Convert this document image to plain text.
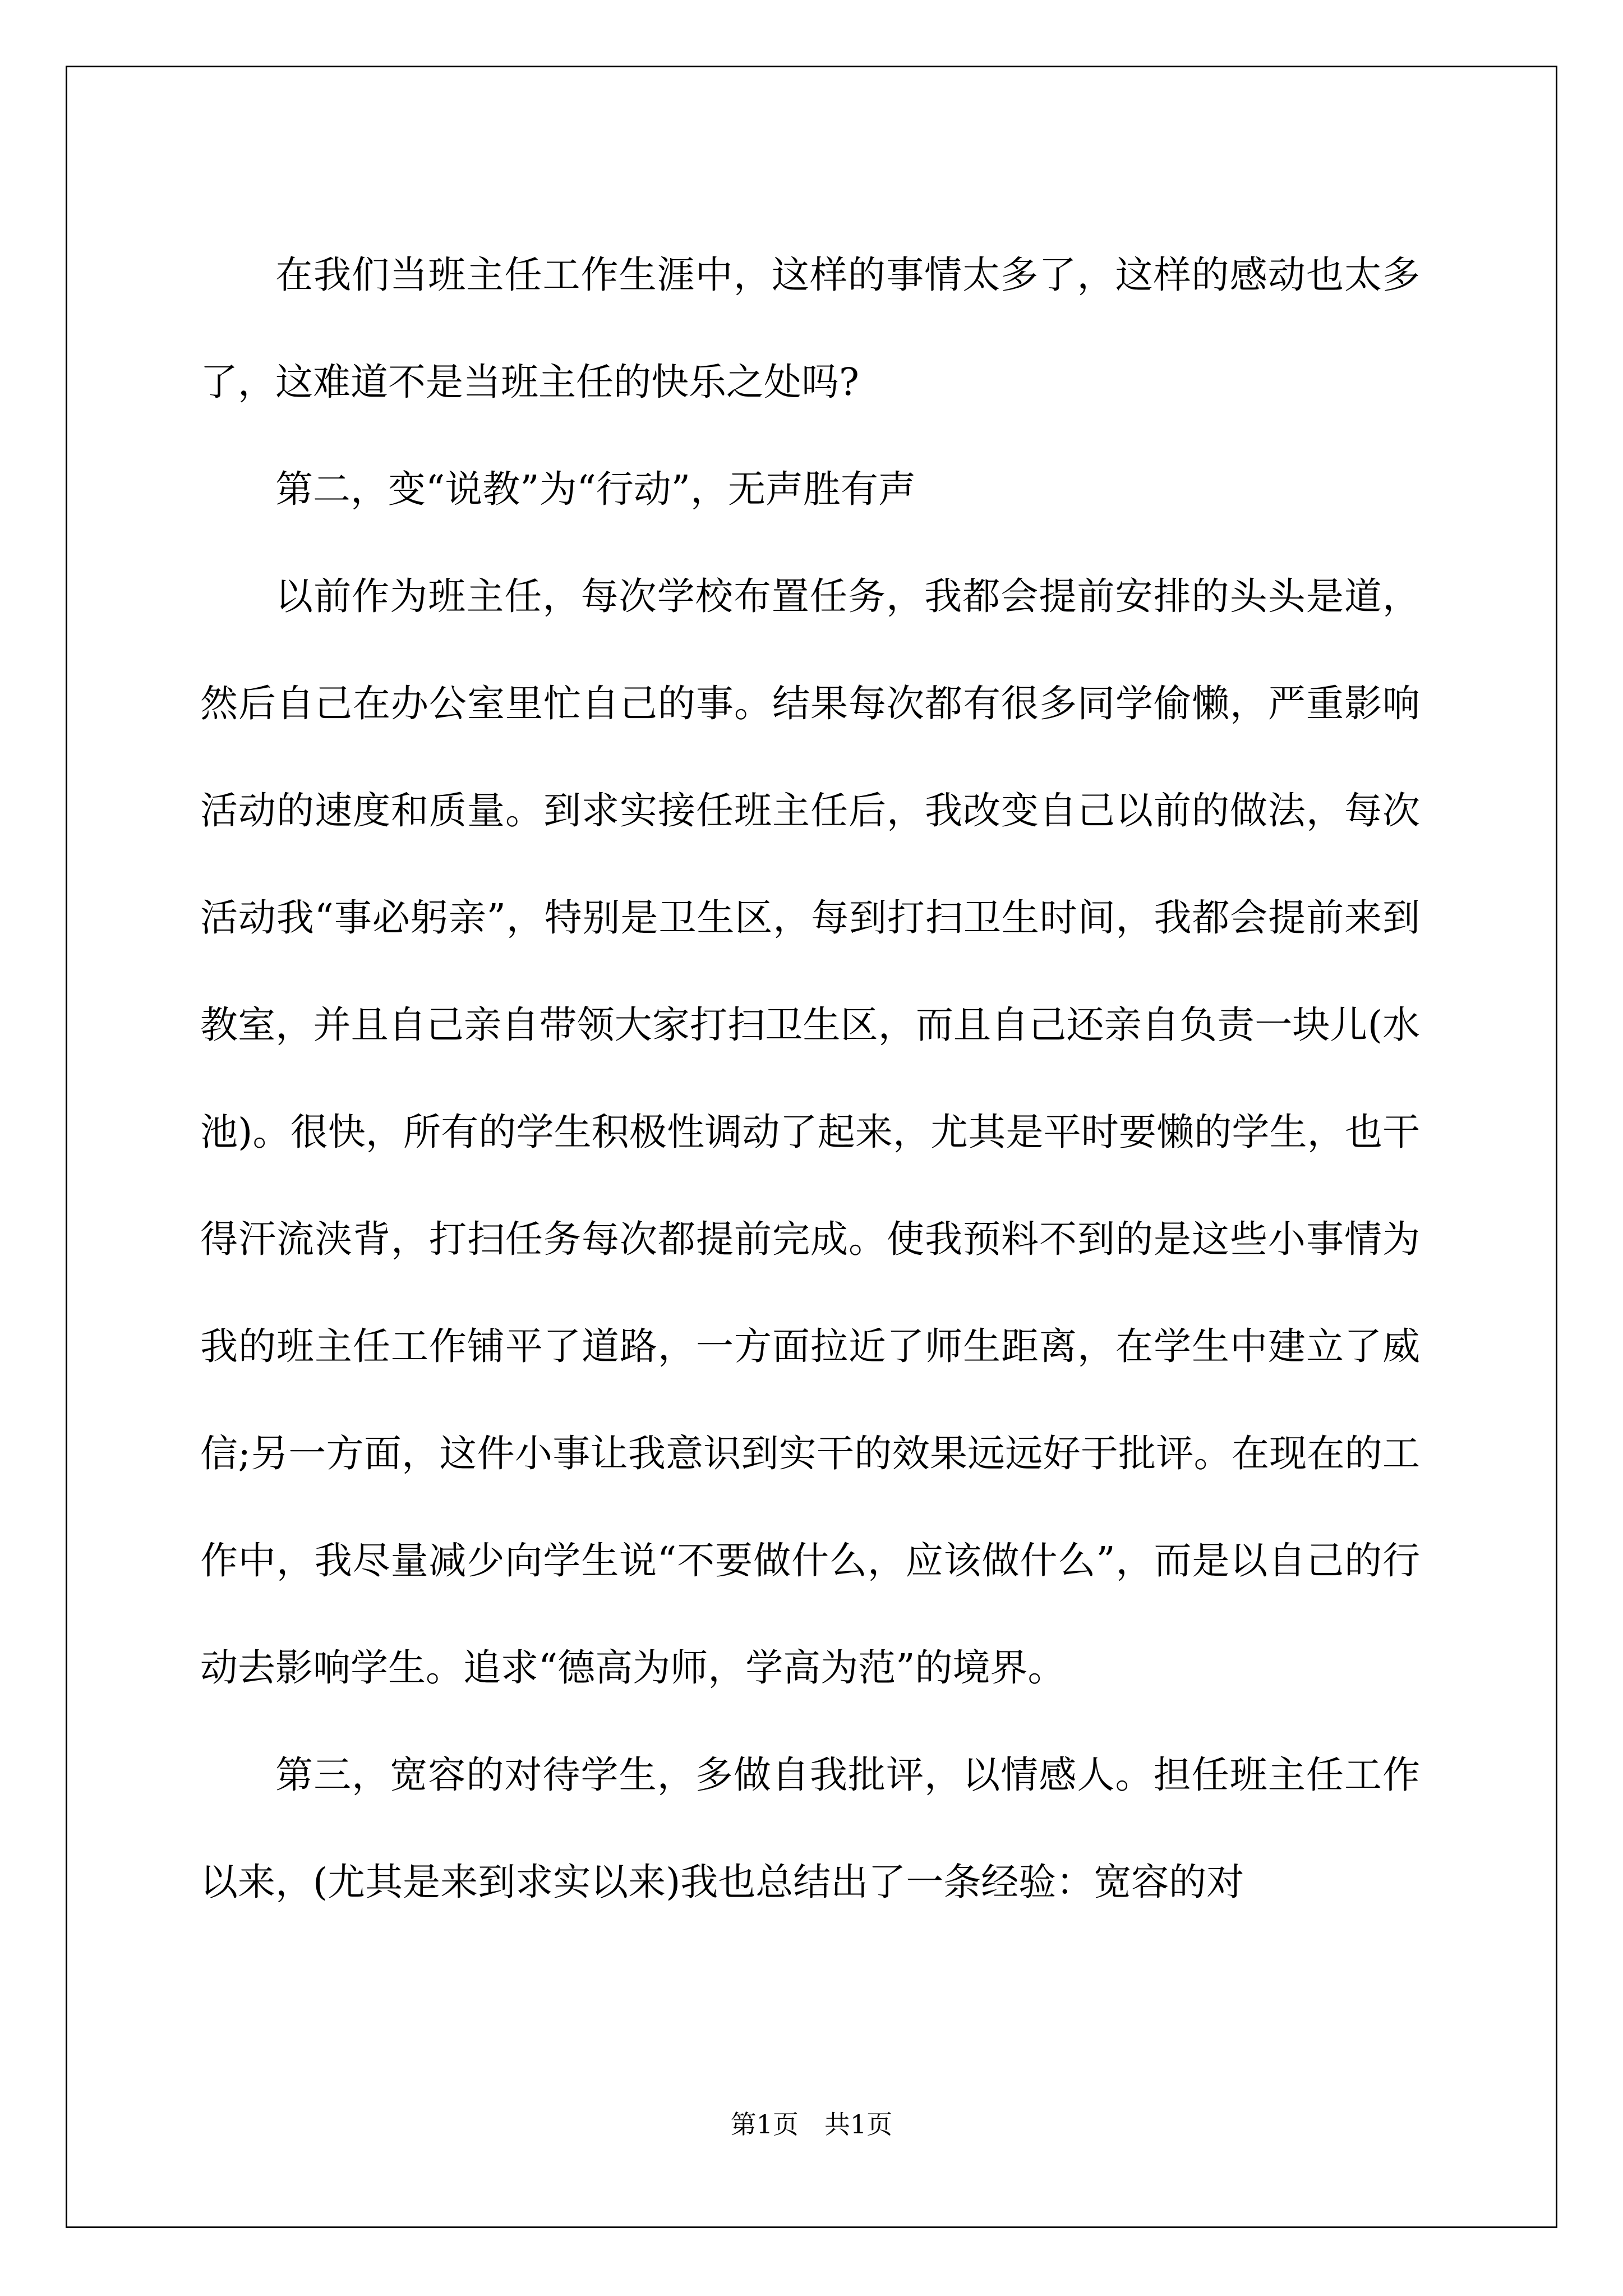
在我们当班主任工作生涯中，这样的事情太多了，这样的感动也太多了，这难道不是当班主任的快乐之处吗?

第二，变“说教”为“行动”，无声胜有声

以前作为班主任，每次学校布置任务，我都会提前安排的头头是道，然后自己在办公室里忙自己的事。结果每次都有很多同学偷懒，严重影响活动的速度和质量。到求实接任班主任后，我改变自己以前的做法，每次活动我“事必躬亲”，特别是卫生区，每到打扫卫生时间，我都会提前来到教室，并且自己亲自带领大家打扫卫生区，而且自己还亲自负责一块儿(水池)。很快，所有的学生积极性调动了起来，尤其是平时要懒的学生，也干得汗流浃背，打扫任务每次都提前完成。使我预料不到的是这些小事情为我的班主任工作铺平了道路，一方面拉近了师生距离，在学生中建立了威信;另一方面，这件小事让我意识到实干的效果远远好于批评。在现在的工作中，我尽量减少向学生说“不要做什么，应该做什么”，而是以自己的行动去影响学生。追求“德高为师，学高为范”的境界。

第三，宽容的对待学生，多做自我批评，以情感人。担任班主任工作以来，(尤其是来到求实以来)我也总结出了一条经验：宽容的对

第1页 共1页
